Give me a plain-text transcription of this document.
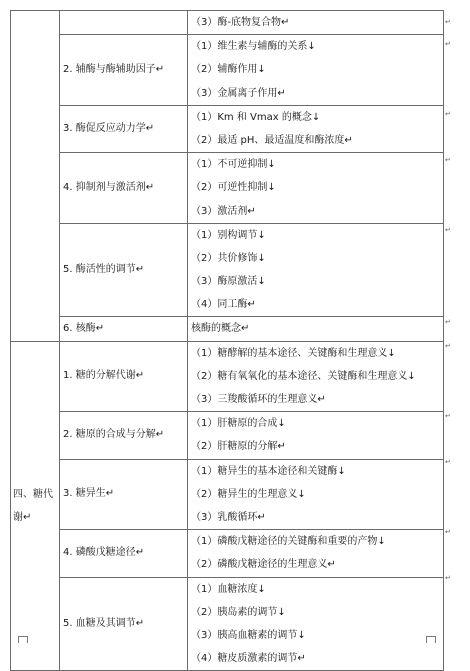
		（3）酶-底物复合物↵

	2. 辅酶与酶辅助因子↵	（1）维生素与辅酶的关系↓
（2）辅酶作用↓
（3）金属离子作用↵

	3. 酶促反应动力学↵	（1）Km 和 Vmax 的概念↓
（2）最适 pH、最适温度和酶浓度↵

	4. 抑制剂与激活剂↵	（1）不可逆抑制↓
（2）可逆性抑制↓
（3）激活剂↵

	5. 酶活性的调节↵	（1）别构调节↓
（2）共价修饰↓
（3）酶原激活↓
（4）同工酶↵

	6. 核酶↵	核酶的概念↵

四、糖代谢↵	1. 糖的分解代谢↵	（1）糖酵解的基本途径、关键酶和生理意义↓
（2）糖有氧氧化的基本途径、关键酶和生理意义↓
（3）三羧酸循环的生理意义↵

	2. 糖原的合成与分解↵	（1）肝糖原的合成↓
（2）肝糖原的分解↵

	3. 糖异生↵	（1）糖异生的基本途径和关键酶↓
（2）糖异生的生理意义↓
（3）乳酸循环↵

	4. 磷酸戊糖途径↵	（1）磷酸戊糖途径的关键酶和重要的产物↓
（2）磷酸戊糖途径的生理意义↵

	5. 血糖及其调节↵	（1）血糖浓度↓
（2）胰岛素的调节↓
（3）胰高血糖素的调节↓
（4）糖皮质激素的调节↵
↵
↵
↵
↵
↵
↵
↵
↵
↵
↵
↵
